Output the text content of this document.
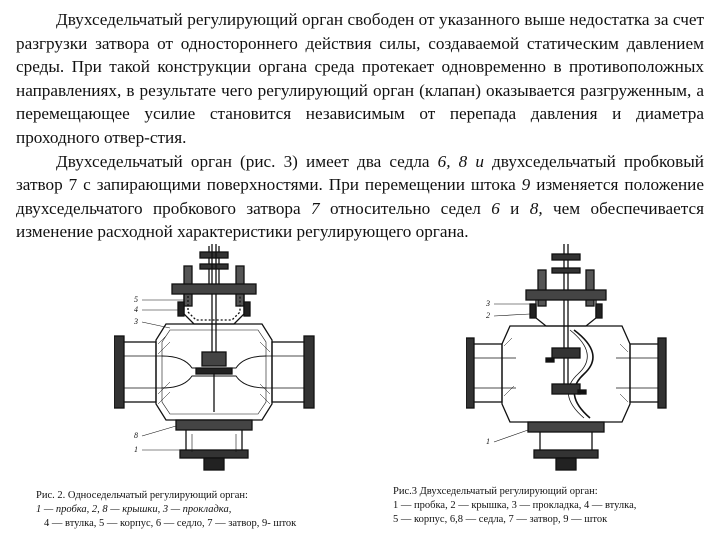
Двухседельчатый регулирующий орган свободен от указанного выше недостатка за счет разгрузки затвора от одностороннего действия силы, создаваемой статическим давлением среды. При такой конструкции органа среда протекает одновременно в противоположных направлениях, в результате чего регулирующий орган (клапан) оказывается разгруженным, а перемещающее усилие становится независимым от перепада давления и диаметра проходного отвер-стия.

Двухседельчатый орган (рис. 3) имеет два седла 6, 8 и двухседельчатый пробковый затвор 7 с запирающими поверхностями. При перемещении штока 9 изменяется положение двухседельчатого пробкового затвора 7 относительно седел 6 и 8, чем обеспечивается изменение расходной характеристики регулирующего органа.

5
4
3
8
1
3
2
1
Рис. 2. Односедельчатый регулирующий орган:
1 — пробка, 2, 8 — крышки, 3 — прокладка,
4 — втулка, 5 — корпус, 6 — седло, 7 — затвор, 9- шток
Рис.3 Двухседельчатый регулирующий орган:
1 — пробка, 2 — крышка, 3 — прокладка, 4 — втулка,
5 — корпус, 6,8 — седла, 7 — затвор, 9 — шток
